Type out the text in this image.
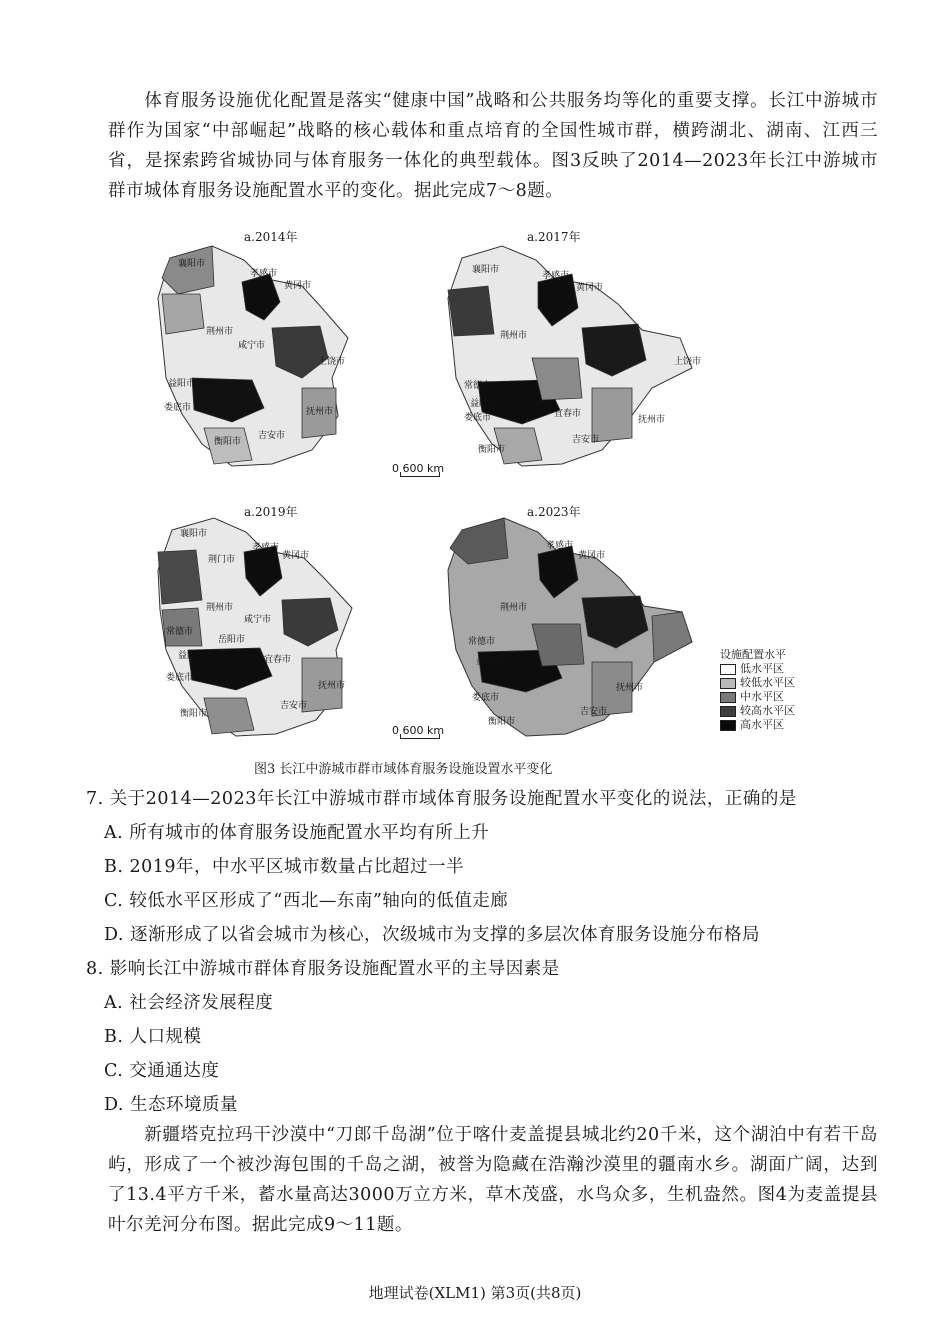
体育服务设施优化配置是落实“健康中国”战略和公共服务均等化的重要支撑。长江中游城市群作为国家“中部崛起”战略的核心载体和重点培育的全国性城市群，横跨湖北、湖南、江西三省，是探索跨省城协同与体育服务一体化的典型载体。图3反映了2014—2023年长江中游城市群市城体育服务设施配置水平的变化。据此完成7～8题。
a.2014年	a.2017年
a.2019年	a.2023年
襄阳市
孝感市
黄冈市
荆州市
咸宁市
上饶市
益阳市
娄底市
衡阳市
吉安市
抚州市
襄阳市
孝感市
黄冈市
荆州市
上饶市
常德市
益阳市
娄底市
衡阳市
宜春市
吉安市
抚州市
0 600 km
襄阳市
荆门市
孝感市
黄冈市
荆州市
咸宁市
常德市
岳阳市
益阳市
娄底市
衡阳市
宜春市
吉安市
抚州市
孝感市
黄冈市
荆州市
常德市
益阳市
娄底市
衡阳市
吉安市
抚州市
0 600 km
设施配置水平
低水平区
较低水平区
中水平区
较高水平区
高水平区
图3 长江中游城市群市域体育服务设施设置水平变化
7. 关于2014—2023年长江中游城市群市域体育服务设施配置水平变化的说法，正确的是
A. 所有城市的体育服务设施配置水平均有所上升
B. 2019年，中水平区城市数量占比超过一半
C. 较低水平区形成了“西北—东南”轴向的低值走廊
D. 逐渐形成了以省会城市为核心，次级城市为支撑的多层次体育服务设施分布格局
8. 影响长江中游城市群体育服务设施配置水平的主导因素是
A. 社会经济发展程度
B. 人口规模
C. 交通通达度
D. 生态环境质量
新疆塔克拉玛干沙漠中“刀郎千岛湖”位于喀什麦盖提县城北约20千米，这个湖泊中有若干岛屿，形成了一个被沙海包围的千岛之湖，被誉为隐藏在浩瀚沙漠里的疆南水乡。湖面广阔，达到了13.4平方千米，蓄水量高达3000万立方米，草木茂盛，水鸟众多，生机盎然。图4为麦盖提县叶尔羌河分布图。据此完成9～11题。
地理试卷(XLM1) 第3页(共8页)
